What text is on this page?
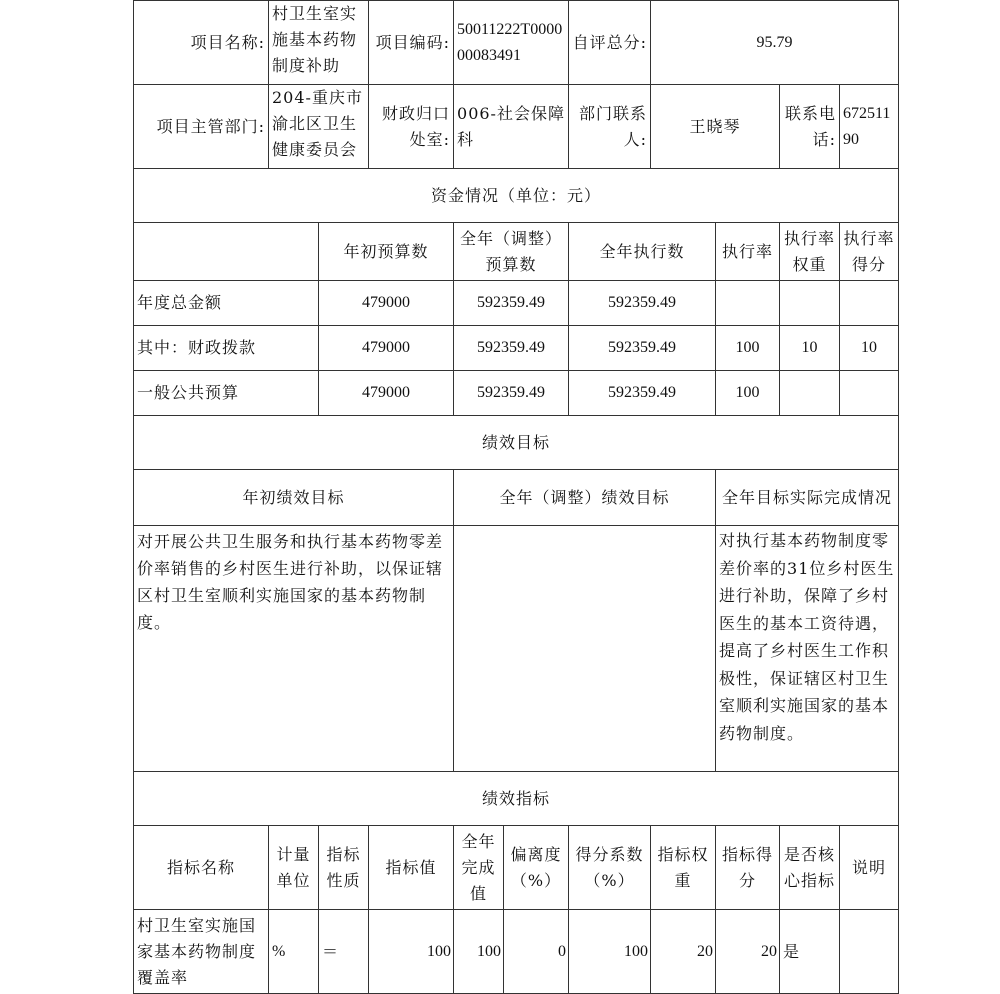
项目名称:	村卫生室实施基本药物制度补助		项目编码:	50011222T000000083491		自评总分:	95.79			
项目主管部门:	204-重庆市渝北区卫生健康委员会		财政归口处室:	006-社会保障科		部门联系人:	王晓琴		联系电话:	67251190
资金情况（单位：元）										
		年初预算数		全年（调整）预算数		全年执行数		执行率	执行率权重	执行率得分
年度总金额		479000		592359.49		592359.49				
其中：财政拨款		479000		592359.49		592359.49		100	10	10
一般公共预算		479000		592359.49		592359.49		100		
绩效目标										
年初绩效目标				全年（调整）绩效目标				全年目标实际完成情况		
对开展公共卫生服务和执行基本药物零差价率销售的乡村医生进行补助，以保证辖区村卫生室顺利实施国家的基本药物制度。								对执行基本药物制度零差价率的31位乡村医生进行补助，保障了乡村医生的基本工资待遇，提高了乡村医生工作积极性，保证辖区村卫生室顺利实施国家的基本药物制度。		
绩效指标										
指标名称	计量单位	指标性质	指标值	全年完成值	偏离度（%）	得分系数（%）	指标权重	指标得分	是否核心指标	说明
村卫生室实施国家基本药物制度覆盖率	%	＝	100	100	0	100	20	20	是	
